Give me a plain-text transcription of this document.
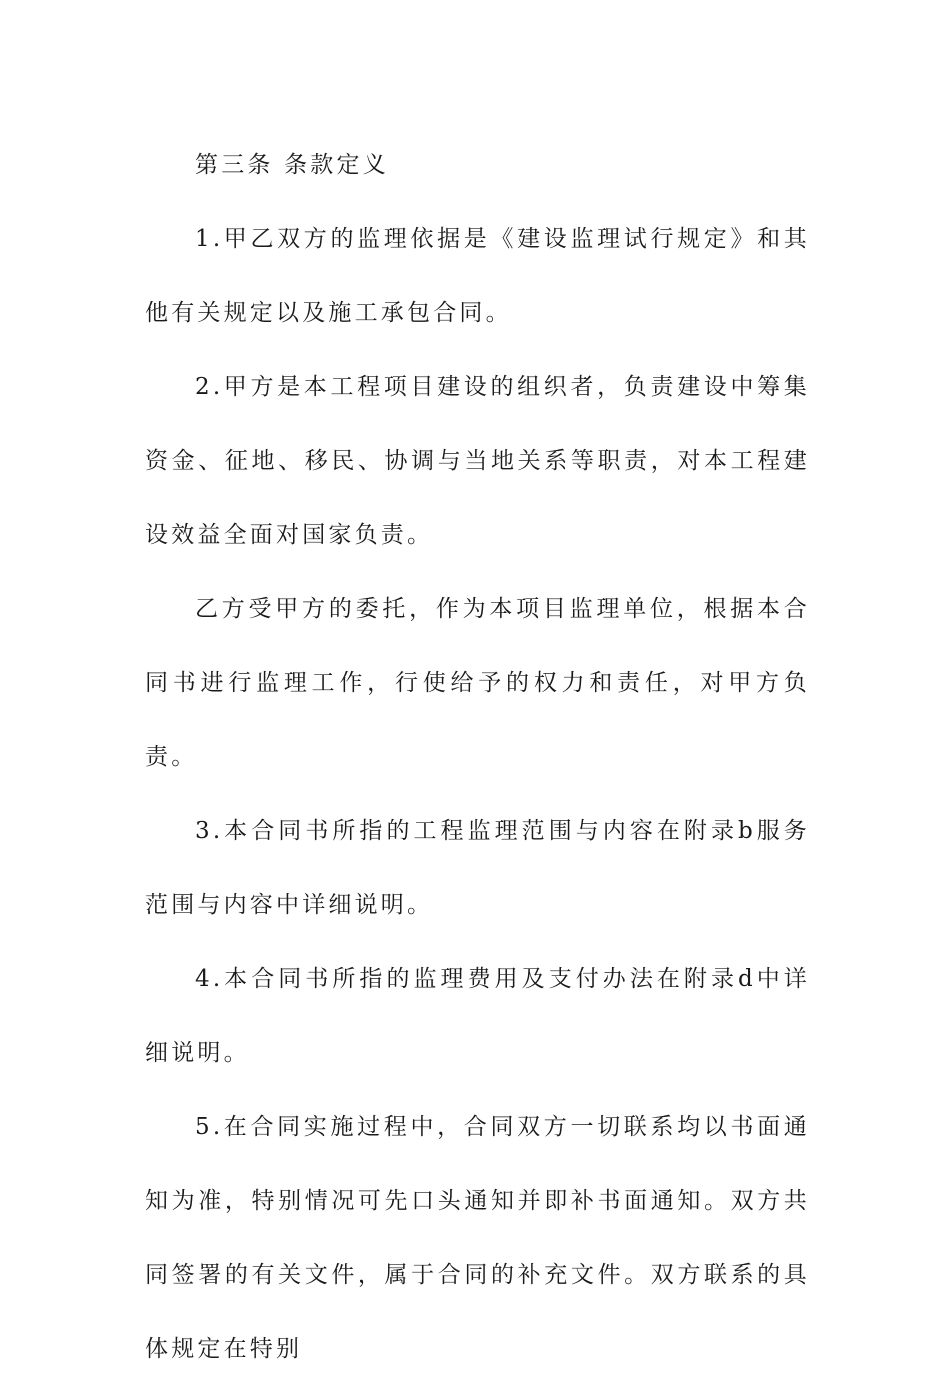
第三条 条款定义

1.甲乙双方的监理依据是《建设监理试行规定》和其他有关规定以及施工承包合同。

2.甲方是本工程项目建设的组织者，负责建设中筹集资金、征地、移民、协调与当地关系等职责，对本工程建设效益全面对国家负责。

乙方受甲方的委托，作为本项目监理单位，根据本合同书进行监理工作，行使给予的权力和责任，对甲方负责。

3.本合同书所指的工程监理范围与内容在附录b服务范围与内容中详细说明。

4.本合同书所指的监理费用及支付办法在附录d中详细说明。

5.在合同实施过程中，合同双方一切联系均以书面通知为准，特别情况可先口头通知并即补书面通知。双方共同签署的有关文件，属于合同的补充文件。双方联系的具体规定在特别
